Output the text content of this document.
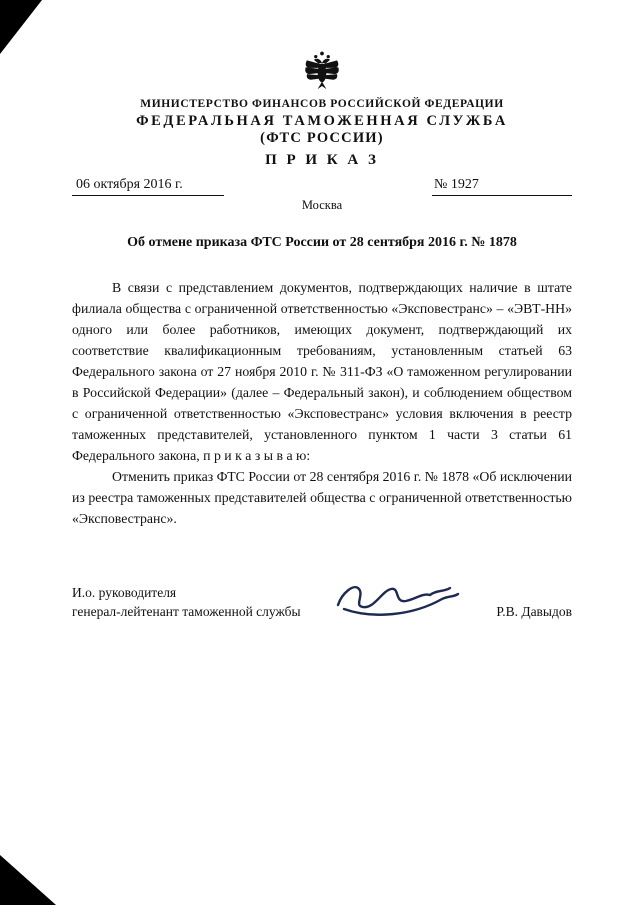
МИНИСТЕРСТВО ФИНАНСОВ РОССИЙСКОЙ ФЕДЕРАЦИИ
ФЕДЕРАЛЬНАЯ ТАМОЖЕННАЯ СЛУЖБА
(ФТС РОССИИ)
П Р И К А З
06 октября 2016 г.	№ 1927
Москва
Об отмене приказа ФТС России от 28 сентября 2016 г. № 1878

В связи с представлением документов, подтверждающих наличие в штате филиала общества с ограниченной ответственностью «Эксповестранс» – «ЭВТ-НН» одного или более работников, имеющих документ, подтверждающий их соответствие квалификационным требованиям, установленным статьей 63 Федерального закона от 27 ноября 2010 г. № 311-ФЗ «О таможенном регулировании в Российской Федерации» (далее – Федеральный закон), и соблюдением обществом с ограниченной ответственностью «Эксповестранс» условия включения в реестр таможенных представителей, установленного пунктом 1 части 3 статьи 61 Федерального закона, п р и к а з ы в а ю:

Отменить приказ ФТС России от 28 сентября 2016 г. № 1878 «Об исключении из реестра таможенных представителей общества с ограниченной ответственностью «Эксповестранс».

И.о. руководителя
генерал-лейтенант таможенной службы	Р.В. Давыдов
